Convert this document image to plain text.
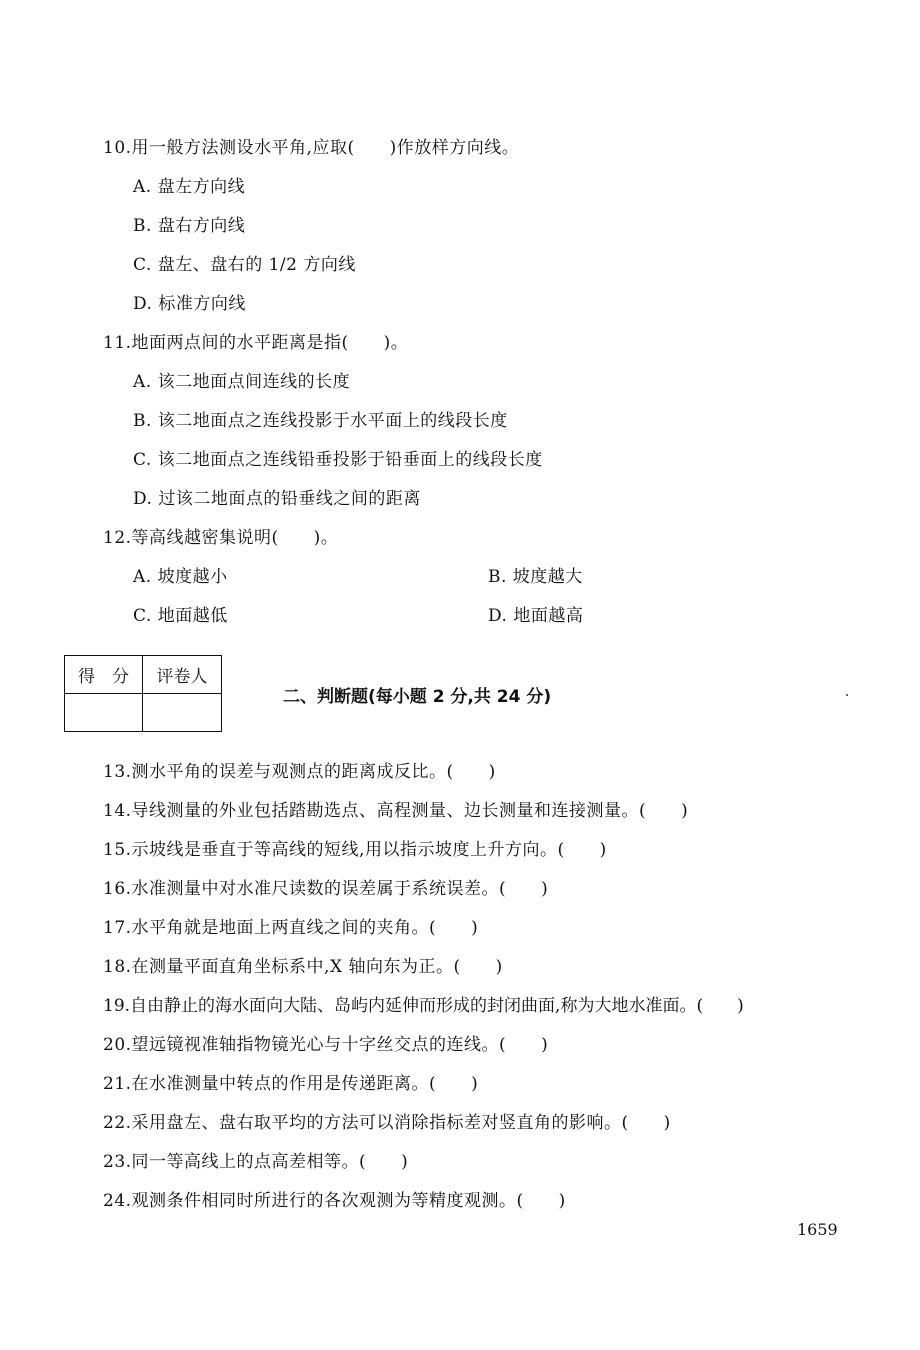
10.用一般方法测设水平角,应取(　　)作放样方向线。
A. 盘左方向线
B. 盘右方向线
C. 盘左、盘右的 1/2 方向线
D. 标准方向线
11.地面两点间的水平距离是指(　　)。
A. 该二地面点间连线的长度
B. 该二地面点之连线投影于水平面上的线段长度
C. 该二地面点之连线铅垂投影于铅垂面上的线段长度
D. 过该二地面点的铅垂线之间的距离
12.等高线越密集说明(　　)。
A. 坡度越小	B. 坡度越大
C. 地面越低	D. 地面越高
得　分	评卷人

二、判断题(每小题 2 分,共 24 分)
13.测水平角的误差与观测点的距离成反比。(　　)
14.导线测量的外业包括踏勘选点、高程测量、边长测量和连接测量。(　　)
15.示坡线是垂直于等高线的短线,用以指示坡度上升方向。(　　)
16.水准测量中对水准尺读数的误差属于系统误差。(　　)
17.水平角就是地面上两直线之间的夹角。(　　)
18.在测量平面直角坐标系中,X 轴向东为正。(　　)
19.自由静止的海水面向大陆、岛屿内延伸而形成的封闭曲面,称为大地水准面。(　　)
20.望远镜视准轴指物镜光心与十字丝交点的连线。(　　)
21.在水准测量中转点的作用是传递距离。(　　)
22.采用盘左、盘右取平均的方法可以消除指标差对竖直角的影响。(　　)
23.同一等高线上的点高差相等。(　　)
24.观测条件相同时所进行的各次观测为等精度观测。(　　)
1659
